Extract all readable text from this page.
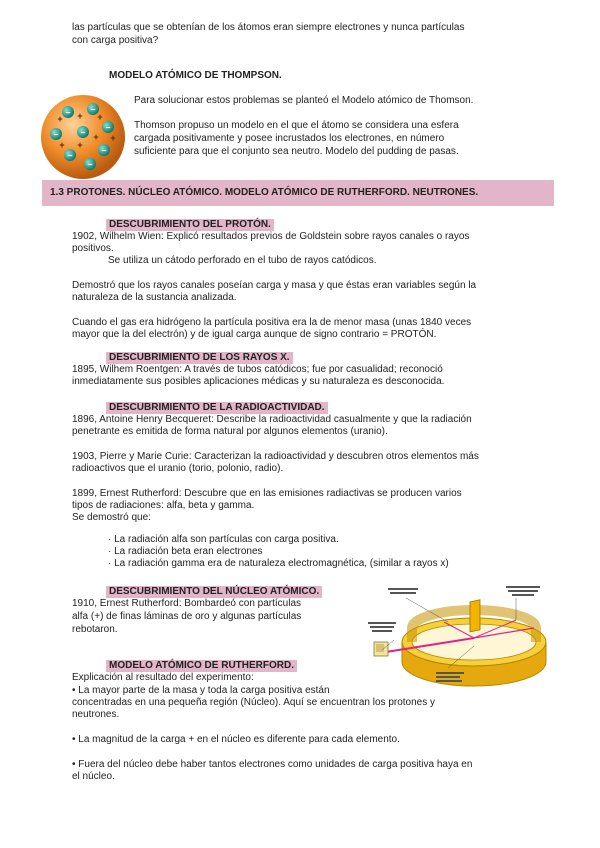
las partículas que se obtenían de los átomos eran siempre electrones y nunca partículas

con carga positiva?

MODELO ATÓMICO DE THOMPSON.
– –
–
– –
–
–
–
+
+
+
+
+
+
+

Para solucionar estos problemas se planteó el Modelo atómico de Thomson.

Thomson propuso un modelo en el que el átomo se considera una esfera

cargada positivamente y posee incrustados los electrones, en número

suficiente para que el conjunto sea neutro. Modelo del pudding de pasas.

1.3 PROTONES. NÚCLEO ATÓMICO. MODELO ATÓMICO DE RUTHERFORD. NEUTRONES.
DESCUBRIMIENTO DEL PROTÓN.

1902, Wilhelm Wien: Explicó resultados previos de Goldstein sobre rayos canales o rayos

positivos.

Se utiliza un cátodo perforado en el tubo de rayos catódicos.

Demostró que los rayos canales poseían carga y masa y que éstas eran variables según la

naturaleza de la sustancia analizada.

Cuando el gas era hidrógeno la partícula positiva era la de menor masa (unas 1840 veces

mayor que la del electrón) y de igual carga aunque de signo contrario = PROTÓN.

DESCUBRIMIENTO DE LOS RAYOS X.

1895, Wilhem Roentgen: A través de tubos catódicos; fue por casualidad; reconoció

inmediatamente sus posibles aplicaciones médicas y su naturaleza es desconocida.

DESCUBRIMIENTO DE LA RADIOACTIVIDAD.

1896, Antoine Henry Becqueret: Describe la radioactividad casualmente y que la radiación

penetrante es emitida de forma natural por algunos elementos (uranio).

1903, Pierre y Marie Curie: Caracterizan la radioactividad y descubren otros elementos más

radioactivos que el uranio (torio, polonio, radio).

1899, Ernest Rutherford: Descubre que en las emisiones radiactivas se producen varios

tipos de radiaciones: alfa, beta y gamma.

Se demostró que:

· La radiación alfa son partículas con carga positiva.

· La radiación beta eran electrones

· La radiación gamma era de naturaleza electromagnética, (similar a rayos x)

DESCUBRIMIENTO DEL NÚCLEO ATÓMICO.

1910, Ernest Rutherford: Bombardeó con partículas

alfa (+) de finas láminas de oro y algunas partículas

rebotaron.

MODELO ATÓMICO DE RUTHERFORD.

Explicación al resultado del experimento:

• La mayor parte de la masa y toda la carga positiva están

concentradas en una pequeña región (Núcleo). Aquí se encuentran los protones y

neutrones.

• La magnitud de la carga + en el núcleo es diferente para cada elemento.

• Fuera del núcleo debe haber tantos electrones como unidades de carga positiva haya en

el núcleo.
